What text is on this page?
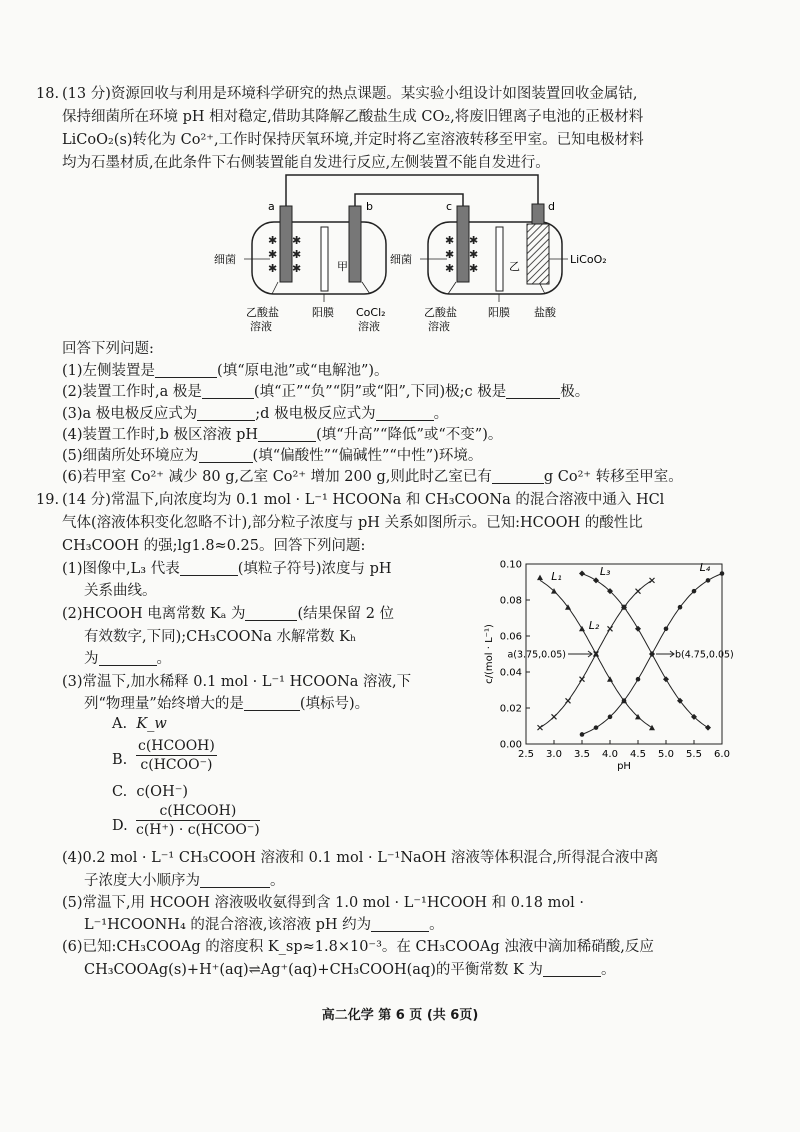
18. (13 分)资源回收与利用是环境科学研究的热点课题。某实验小组设计如图装置回收金属钴,
保持细菌所在环境 pH 相对稳定,借助其降解乙酸盐生成 CO₂,将废旧锂离子电池的正极材料
LiCoO₂(s)转化为 Co²⁺,工作时保持厌氧环境,并定时将乙室溶液转移至甲室。已知电极材料
均为石墨材质,在此条件下右侧装置能自发进行反应,左侧装置不能自发进行。
✱
✱
✱
✱
✱
✱
✱
✱
✱
✱
✱
✱
a	b	c	d
甲	乙
细菌	细菌	LiCoO₂
乙酸盐
溶液
阳膜 CoCl₂
溶液
乙酸盐
溶液
阳膜 盐酸
回答下列问题:
(1)左侧装置是	(填“原电池”或“电解池”)。
(2)装置工作时,a 极是	(填“正”“负”“阴”或“阳”,下同)极;c 极是	极。
(3)a 极电极反应式为	;d 极电极反应式为	。
(4)装置工作时,b 极区溶液 pH	(填“升高”“降低”或“不变”)。
(5)细菌所处环境应为	(填“偏酸性”“偏碱性”“中性”)环境。
(6)若甲室 Co²⁺ 减少 80 g,乙室 Co²⁺ 增加 200 g,则此时乙室已有	g Co²⁺ 转移至甲室。
19. (14 分)常温下,向浓度均为 0.1 mol · L⁻¹ HCOONa 和 CH₃COONa 的混合溶液中通入 HCl
气体(溶液体积变化忽略不计),部分粒子浓度与 pH 关系如图所示。已知:HCOOH 的酸性比
CH₃COOH 的强;lg1.8≈0.25。回答下列问题:
(1)图像中,L₃ 代表	(填粒子符号)浓度与 pH
关系曲线。
(2)HCOOH 电离常数 Kₐ 为	(结果保留 2 位
有效数字,下同);CH₃COONa 水解常数 Kₕ
为	。
(3)常温下,加水稀释 0.1 mol · L⁻¹ HCOONa 溶液,下
列“物理量”始终增大的是	(填标号)。
A. K_w
B.
c(HCOOH)
c(HCOO⁻)
C. c(OH⁻)
D.
c(HCOOH)
c(H⁺) · c(HCOO⁻)
(4)0.2 mol · L⁻¹ CH₃COOH 溶液和 0.1 mol · L⁻¹NaOH 溶液等体积混合,所得混合液中离
子浓度大小顺序为	。
(5)常温下,用 HCOOH 溶液吸收氨得到含 1.0 mol · L⁻¹HCOOH 和 0.18 mol ·
L⁻¹HCOONH₄ 的混合溶液,该溶液 pH 约为	。
(6)已知:CH₃COOAg 的溶度积 K_sp≈1.8×10⁻³。在 CH₃COOAg 浊液中滴加稀硝酸,反应
CH₃COOAg(s)+H⁺(aq)⇌Ag⁺(aq)+CH₃COOH(aq)的平衡常数 K 为	。
L₁
L₂
L₃	L₄
a(3.75,0.05)	b(4.75,0.05)
2.5 3.0 3.5 4.0 4.5 5.0 5.5 6.0
0.00
0.02
0.04
0.06
0.08
0.10
pH
c/(mol · L⁻¹)
高二化学 第 6 页 (共 6页)
